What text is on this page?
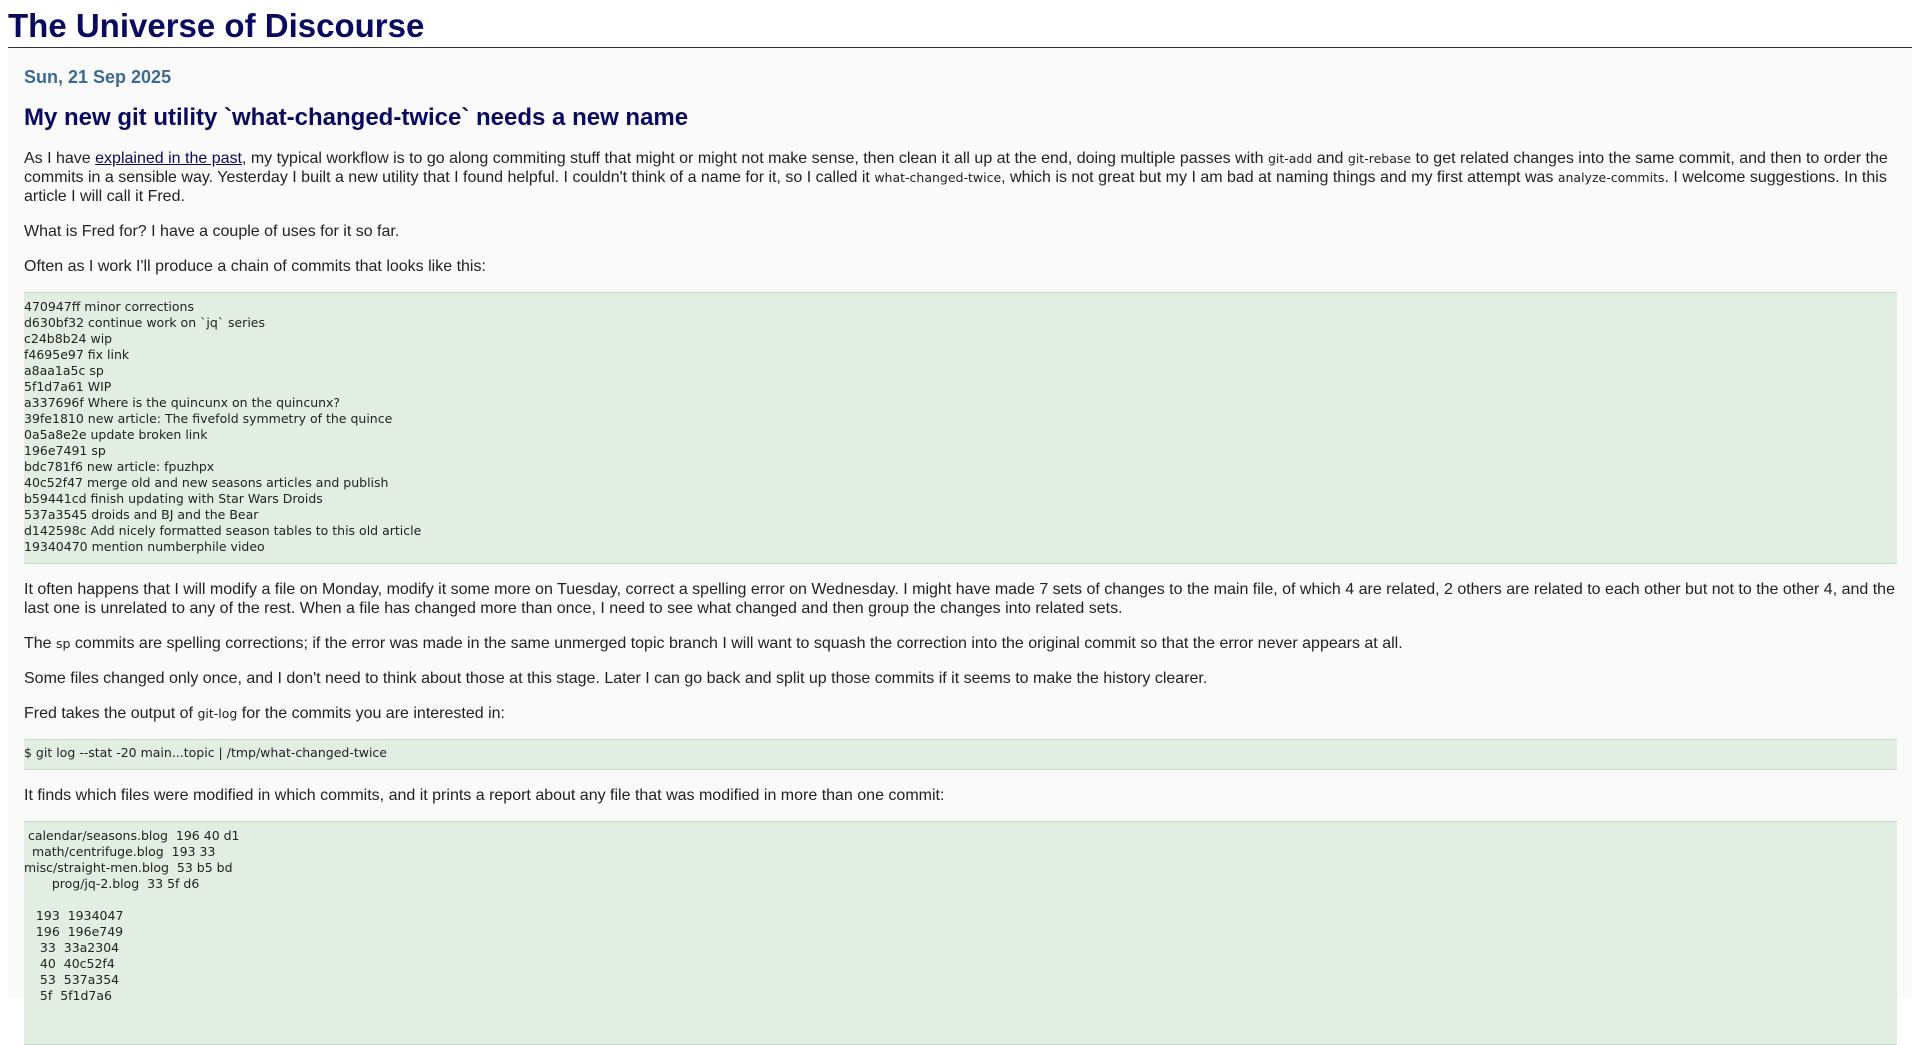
The Universe of Discourse
Sun, 21 Sep 2025
My new git utility `what-changed-twice` needs a new name

As I have explained in the past, my typical workflow is to go along commiting stuff that might or might not make sense, then clean it all up at the end, doing multiple passes with git-add and git-rebase to get related changes into the same commit, and then to order the commits in a sensible way. Yesterday I built a new utility that I found helpful. I couldn't think of a name for it, so I called it what-changed-twice, which is not great but my I am bad at naming things and my first attempt was analyze-commits. I welcome suggestions. In this article I will call it Fred.

What is Fred for? I have a couple of uses for it so far.

Often as I work I'll produce a chain of commits that looks like this:

470947ff minor corrections
d630bf32 continue work on `jq` series
c24b8b24 wip
f4695e97 fix link
a8aa1a5c sp
5f1d7a61 WIP
a337696f Where is the quincunx on the quincunx?
39fe1810 new article: The fivefold symmetry of the quince
0a5a8e2e update broken link
196e7491 sp
bdc781f6 new article: fpuzhpx
40c52f47 merge old and new seasons articles and publish
b59441cd finish updating with Star Wars Droids
537a3545 droids and BJ and the Bear
d142598c Add nicely formatted season tables to this old article
19340470 mention numberphile video

It often happens that I will modify a file on Monday, modify it some more on Tuesday, correct a spelling error on Wednesday. I might have made 7 sets of changes to the main file, of which 4 are related, 2 others are related to each other but not to the other 4, and the last one is unrelated to any of the rest. When a file has changed more than once, I need to see what changed and then group the changes into related sets.

The sp commits are spelling corrections; if the error was made in the same unmerged topic branch I will want to squash the correction into the original commit so that the error never appears at all.

Some files changed only once, and I don't need to think about those at this stage. Later I can go back and split up those commits if it seems to make the history clearer.

Fred takes the output of git-log for the commits you are interested in:

$ git log --stat -20 main...topic | /tmp/what-changed-twice

It finds which files were modified in which commits, and it prints a report about any file that was modified in more than one commit:

calendar/seasons.blog  196 40 d1
math/centrifuge.blog  193 33
misc/straight-men.blog  53 b5 bd
prog/jq-2.blog  33 5f d6

193  1934047
196  196e749
33  33a2304
40  40c52f4
53  537a354
5f  5f1d7a6
